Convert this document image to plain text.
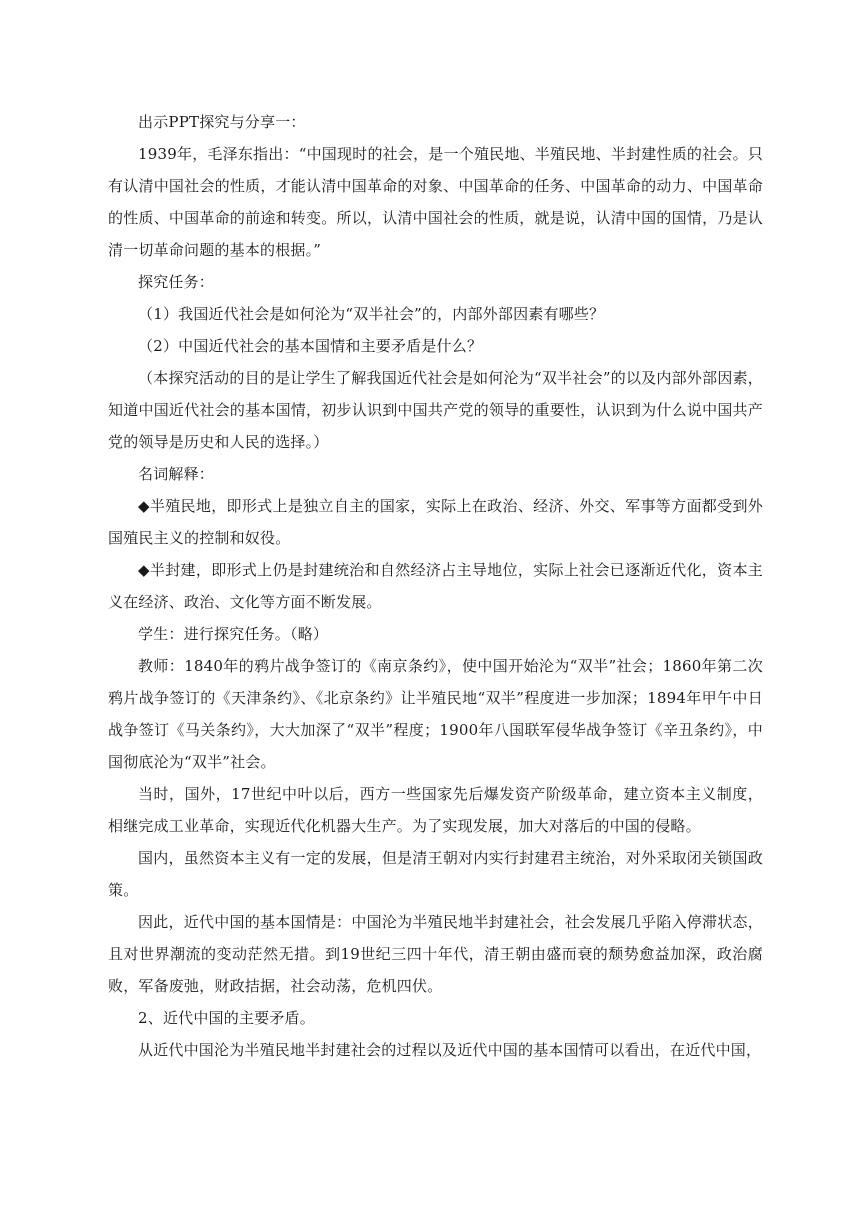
出示PPT探究与分享一：

1939年，毛泽东指出：“中国现时的社会，是一个殖民地、半殖民地、半封建性质的社会。只有认清中国社会的性质，才能认清中国革命的对象、中国革命的任务、中国革命的动力、中国革命的性质、中国革命的前途和转变。所以，认清中国社会的性质，就是说，认清中国的国情，乃是认清一切革命问题的基本的根据。”

探究任务：

（1）我国近代社会是如何沦为“双半社会”的，内部外部因素有哪些？

（2）中国近代社会的基本国情和主要矛盾是什么？

（本探究活动的目的是让学生了解我国近代社会是如何沦为“双半社会”的以及内部外部因素，知道中国近代社会的基本国情，初步认识到中国共产党的领导的重要性，认识到为什么说中国共产党的领导是历史和人民的选择。）

名词解释：

◆半殖民地，即形式上是独立自主的国家，实际上在政治、经济、外交、军事等方面都受到外国殖民主义的控制和奴役。

◆半封建，即形式上仍是封建统治和自然经济占主导地位，实际上社会已逐渐近代化，资本主义在经济、政治、文化等方面不断发展。

学生：进行探究任务。（略）

教师：1840年的鸦片战争签订的《南京条约》，使中国开始沦为“双半”社会；1860年第二次鸦片战争签订的《天津条约》、《北京条约》让半殖民地“双半”程度进一步加深；1894年甲午中日战争签订《马关条约》，大大加深了“双半”程度；1900年八国联军侵华战争签订《辛丑条约》，中国彻底沦为“双半”社会。

当时，国外，17世纪中叶以后，西方一些国家先后爆发资产阶级革命，建立资本主义制度，相继完成工业革命，实现近代化机器大生产。为了实现发展，加大对落后的中国的侵略。

国内，虽然资本主义有一定的发展，但是清王朝对内实行封建君主统治，对外采取闭关锁国政策。

因此，近代中国的基本国情是：中国沦为半殖民地半封建社会，社会发展几乎陷入停滞状态，且对世界潮流的变动茫然无措。到19世纪三四十年代，清王朝由盛而衰的颓势愈益加深，政治腐败，军备废弛，财政拮据，社会动荡，危机四伏。

2、近代中国的主要矛盾。

从近代中国沦为半殖民地半封建社会的过程以及近代中国的基本国情可以看出，在近代中国，
